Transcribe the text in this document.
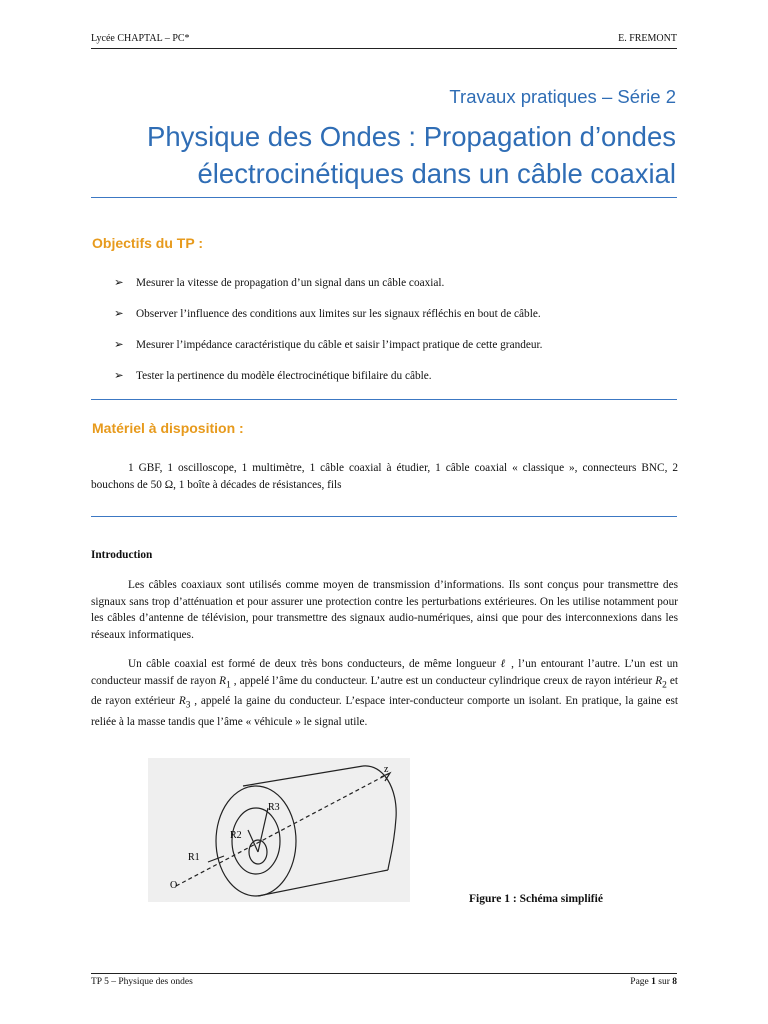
Lycée CHAPTAL – PC*	E. FREMONT
Travaux pratiques – Série 2
Physique des Ondes : Propagation d’ondes
électrocinétiques dans un câble coaxial
Objectifs du TP :
➢ Mesurer la vitesse de propagation d’un signal dans un câble coaxial.
➢ Observer l’influence des conditions aux limites sur les signaux réfléchis en bout de câble.
➢ Mesurer l’impédance caractéristique du câble et saisir l’impact pratique de cette grandeur.
➢ Tester la pertinence du modèle électrocinétique bifilaire du câble.
Matériel à disposition :
1 GBF, 1 oscilloscope, 1 multimètre, 1 câble coaxial à étudier, 1 câble coaxial « classique », connecteurs BNC, 2 bouchons de 50 Ω, 1 boîte à décades de résistances, fils
Introduction
Les câbles coaxiaux sont utilisés comme moyen de transmission d’informations. Ils sont conçus pour transmettre des signaux sans trop d’atténuation et pour assurer une protection contre les perturbations extérieures. On les utilise notamment pour les câbles d’antenne de télévision, pour transmettre des signaux audio-numériques, ainsi que pour des interconnexions dans les réseaux informatiques.
Un câble coaxial est formé de deux très bons conducteurs, de même longueur ℓ , l’un entourant l’autre. L’un est un conducteur massif de rayon $R_1$ , appelé l’âme du conducteur. L’autre est un conducteur cylindrique creux de rayon intérieur $R_2$ et de rayon extérieur $R_3$ , appelé la gaine du conducteur. L’espace inter-conducteur comporte un isolant. En pratique, la gaine est reliée à la masse tandis que l’âme « véhicule » le signal utile.
z
R3
R2
R1
O
Figure 1 : Schéma simplifié
TP 5 – Physique des ondes	Page 1 sur 8
